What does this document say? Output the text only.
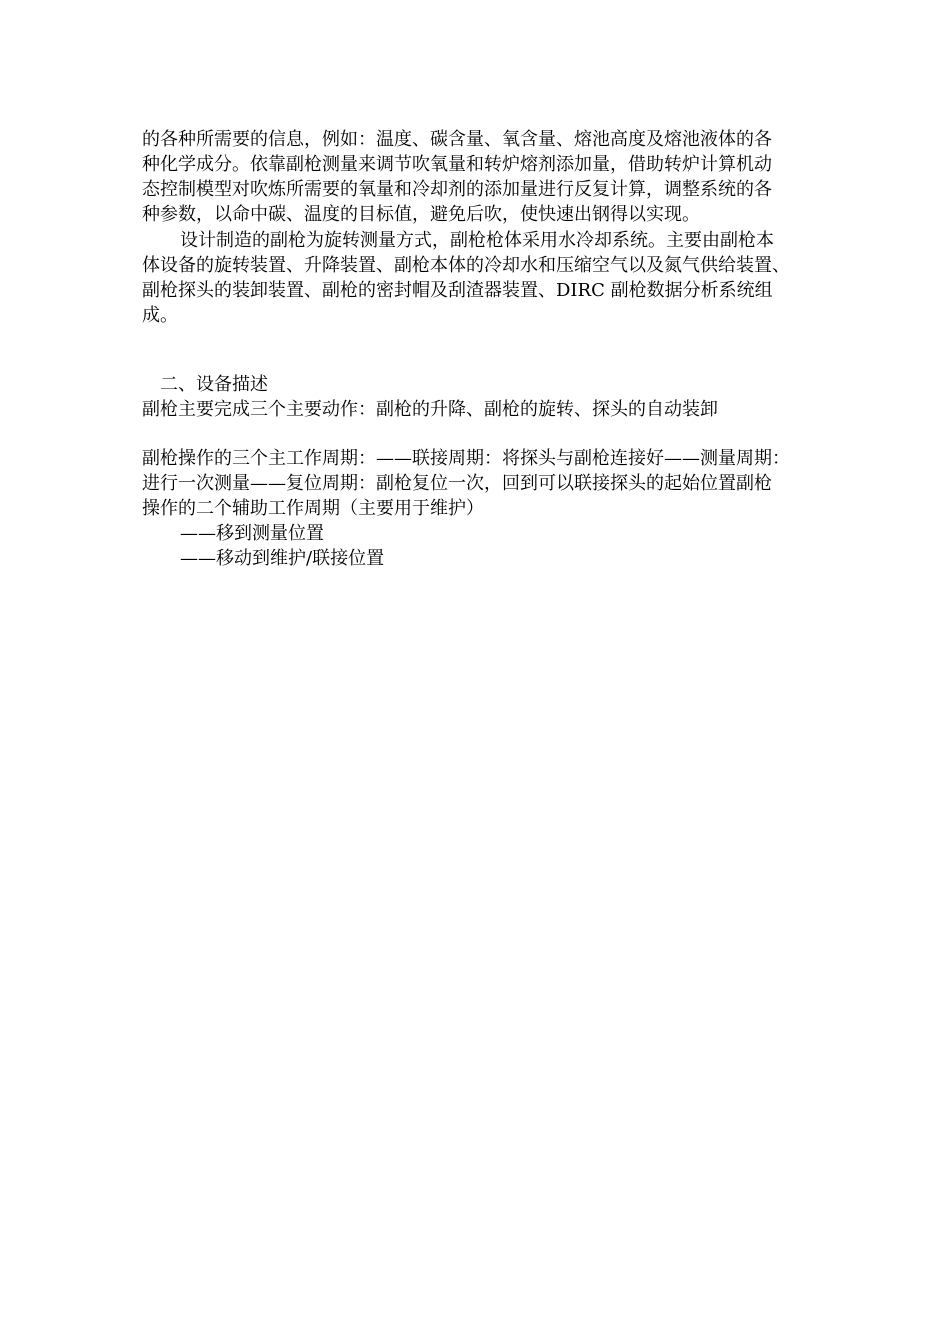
的各种所需要的信息，例如：温度、碳含量、氧含量、熔池高度及熔池液体的各
种化学成分。依靠副枪测量来调节吹氧量和转炉熔剂添加量，借助转炉计算机动
态控制模型对吹炼所需要的氧量和冷却剂的添加量进行反复计算，调整系统的各
种参数，以命中碳、温度的目标值，避免后吹，使快速出钢得以实现。
设计制造的副枪为旋转测量方式，副枪枪体采用水冷却系统。主要由副枪本
体设备的旋转装置、升降装置、副枪本体的冷却水和压缩空气以及氮气供给装置、
副枪探头的装卸装置、副枪的密封帽及刮渣器装置、DIRC 副枪数据分析系统组
成。
二、设备描述
副枪主要完成三个主要动作：副枪的升降、副枪的旋转、探头的自动装卸
副枪操作的三个主工作周期：——联接周期：将探头与副枪连接好——测量周期：
进行一次测量——复位周期：副枪复位一次，回到可以联接探头的起始位置副枪
操作的二个辅助工作周期（主要用于维护）
——移到测量位置
——移动到维护/联接位置
